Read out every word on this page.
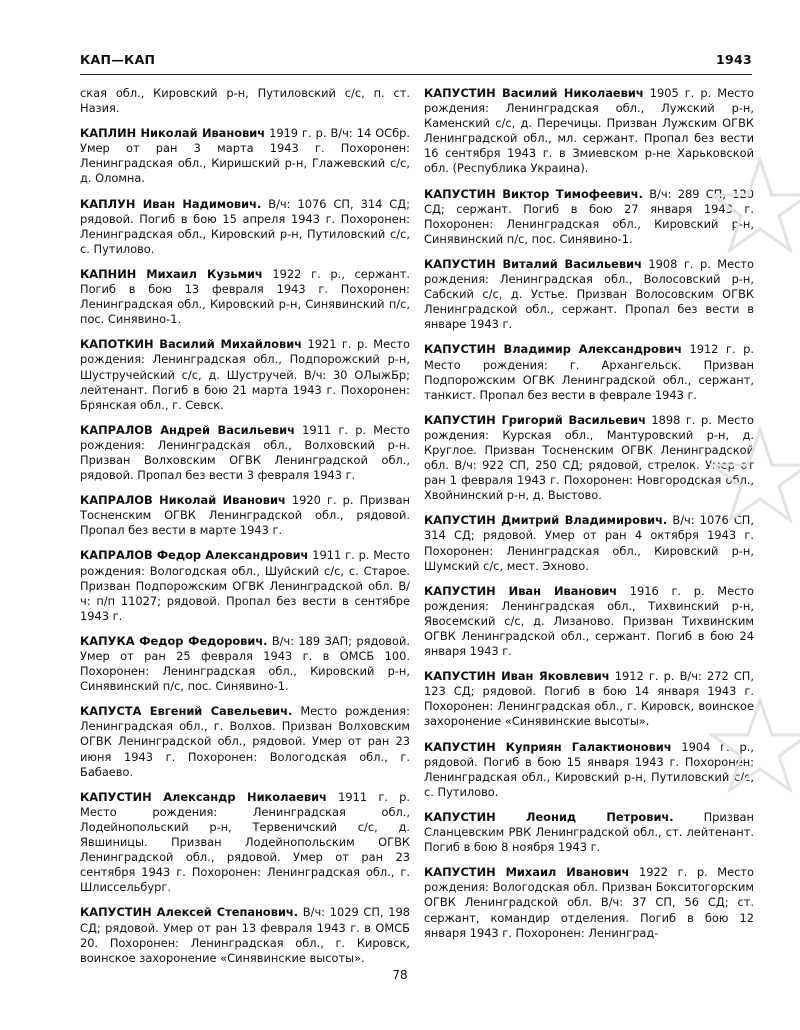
КАП—КАП	1943

ская обл., Кировский р-н, Путиловский с/с, п. ст. Назия.

КАПЛИН Николай Иванович 1919 г. р. В/ч: 14 ОСбр. Умер от ран 3 марта 1943 г. Похоронен: Ленинградская обл., Киришский р-н, Глажевский с/с, д. Оломна.

КАПЛУН Иван Надимович. В/ч: 1076 СП, 314 СД; рядовой. Погиб в бою 15 апреля 1943 г. Похоронен: Ленинградская обл., Кировский р-н, Путиловский с/с, с. Путилово.

КАПНИН Михаил Кузьмич 1922 г. р., сержант. Погиб в бою 13 февраля 1943 г. Похоронен: Ленинградская обл., Кировский р-н, Синявинский п/с, пос. Синявино-1.

КАПОТКИН Василий Михайлович 1921 г. р. Место рождения: Ленинградская обл., Подпорожский р-н, Шустручейский с/с, д. Шустручей. В/ч: 30 ОЛыжБр; лейтенант. Погиб в бою 21 марта 1943 г. Похоронен: Брянская обл., г. Севск.

КАПРАЛОВ Андрей Васильевич 1911 г. р. Место рождения: Ленинградская обл., Волховский р-н. Призван Волховским ОГВК Ленинградской обл., рядовой. Пропал без вести 3 февраля 1943 г.

КАПРАЛОВ Николай Иванович 1920 г. р. Призван Тосненским ОГВК Ленинградской обл., рядовой. Пропал без вести в марте 1943 г.

КАПРАЛОВ Федор Александрович 1911 г. р. Место рождения: Вологодская обл., Шуйский с/с, с. Старое. Призван Подпорожским ОГВК Ленинградской обл. В/ч: п/п 11027; рядовой. Пропал без вести в сентябре 1943 г.

КАПУКА Федор Федорович. В/ч: 189 ЗАП; рядовой. Умер от ран 25 февраля 1943 г. в ОМСБ 100. Похоронен: Ленинградская обл., Кировский р-н, Синявинский п/с, пос. Синявино-1.

КАПУСТА Евгений Савельевич. Место рождения: Ленинградская обл., г. Волхов. Призван Волховским ОГВК Ленинградской обл., рядовой. Умер от ран 23 июня 1943 г. Похоронен: Вологодская обл., г. Бабаево.

КАПУСТИН Александр Николаевич 1911 г. р. Место рождения: Ленинградская обл., Лодейнопольский р-н, Тервеничский с/с, д. Явшиницы. Призван Лодейнопольским ОГВК Ленинградской обл., рядовой. Умер от ран 23 сентября 1943 г. Похоронен: Ленинградская обл., г. Шлиссельбург.

КАПУСТИН Алексей Степанович. В/ч: 1029 СП, 198 СД; рядовой. Умер от ран 13 февраля 1943 г. в ОМСБ 20. Похоронен: Ленинградская обл., г. Кировск, воинское захоронение «Синявинские высоты».

КАПУСТИН Василий Николаевич 1905 г. р. Место рождения: Ленинградская обл., Лужский р-н, Каменский с/с, д. Перечицы. Призван Лужским ОГВК Ленинградской обл., мл. сержант. Пропал без вести 16 сентября 1943 г. в Змиевском р-не Харьковской обл. (Республика Украина).

КАПУСТИН Виктор Тимофеевич. В/ч: 289 СП, 120 СД; сержант. Погиб в бою 27 января 1943 г. Похоронен: Ленинградская обл., Кировский р-н, Синявинский п/с, пос. Синявино-1.

КАПУСТИН Виталий Васильевич 1908 г. р. Место рождения: Ленинградская обл., Волосовский р-н, Сабский с/с, д. Устье. Призван Волосовским ОГВК Ленинградской обл., сержант. Пропал без вести в январе 1943 г.

КАПУСТИН Владимир Александрович 1912 г. р. Место рождения: г. Архангельск. Призван Подпорожским ОГВК Ленинградской обл., сержант, танкист. Пропал без вести в феврале 1943 г.

КАПУСТИН Григорий Васильевич 1898 г. р. Место рождения: Курская обл., Мантуровский р-н, д. Круглое. Призван Тосненским ОГВК Ленинградской обл. В/ч: 922 СП, 250 СД; рядовой, стрелок. Умер от ран 1 февраля 1943 г. Похоронен: Новгородская обл., Хвойнинский р-н, д. Выстово.

КАПУСТИН Дмитрий Владимирович. В/ч: 1076 СП, 314 СД; рядовой. Умер от ран 4 октября 1943 г. Похоронен: Ленинградская обл., Кировский р-н, Шумский с/с, мест. Эхново.

КАПУСТИН Иван Иванович 1916 г. р. Место рождения: Ленинградская обл., Тихвинский р-н, Явосемский с/с, д. Лизаново. Призван Тихвинским ОГВК Ленинградской обл., сержант. Погиб в бою 24 января 1943 г.

КАПУСТИН Иван Яковлевич 1912 г. р. В/ч: 272 СП, 123 СД; рядовой. Погиб в бою 14 января 1943 г. Похоронен: Ленинградская обл., г. Кировск, воинское захоронение «Синявинские высоты».

КАПУСТИН Куприян Галактионович 1904 г. р., рядовой. Погиб в бою 15 января 1943 г. Похоронен: Ленинградская обл., Кировский р-н, Путиловский с/с, с. Путилово.

КАПУСТИН Леонид Петрович. Призван Сланцевским РВК Ленинградской обл., ст. лейтенант. Погиб в бою 8 ноября 1943 г.

КАПУСТИН Михаил Иванович 1922 г. р. Место рождения: Вологодская обл. Призван Бокситогорским ОГВК Ленинградской обл. В/ч: 37 СП, 56 СД; ст. сержант, командир отделения. Погиб в бою 12 января 1943 г. Похоронен: Ленинград-

78
